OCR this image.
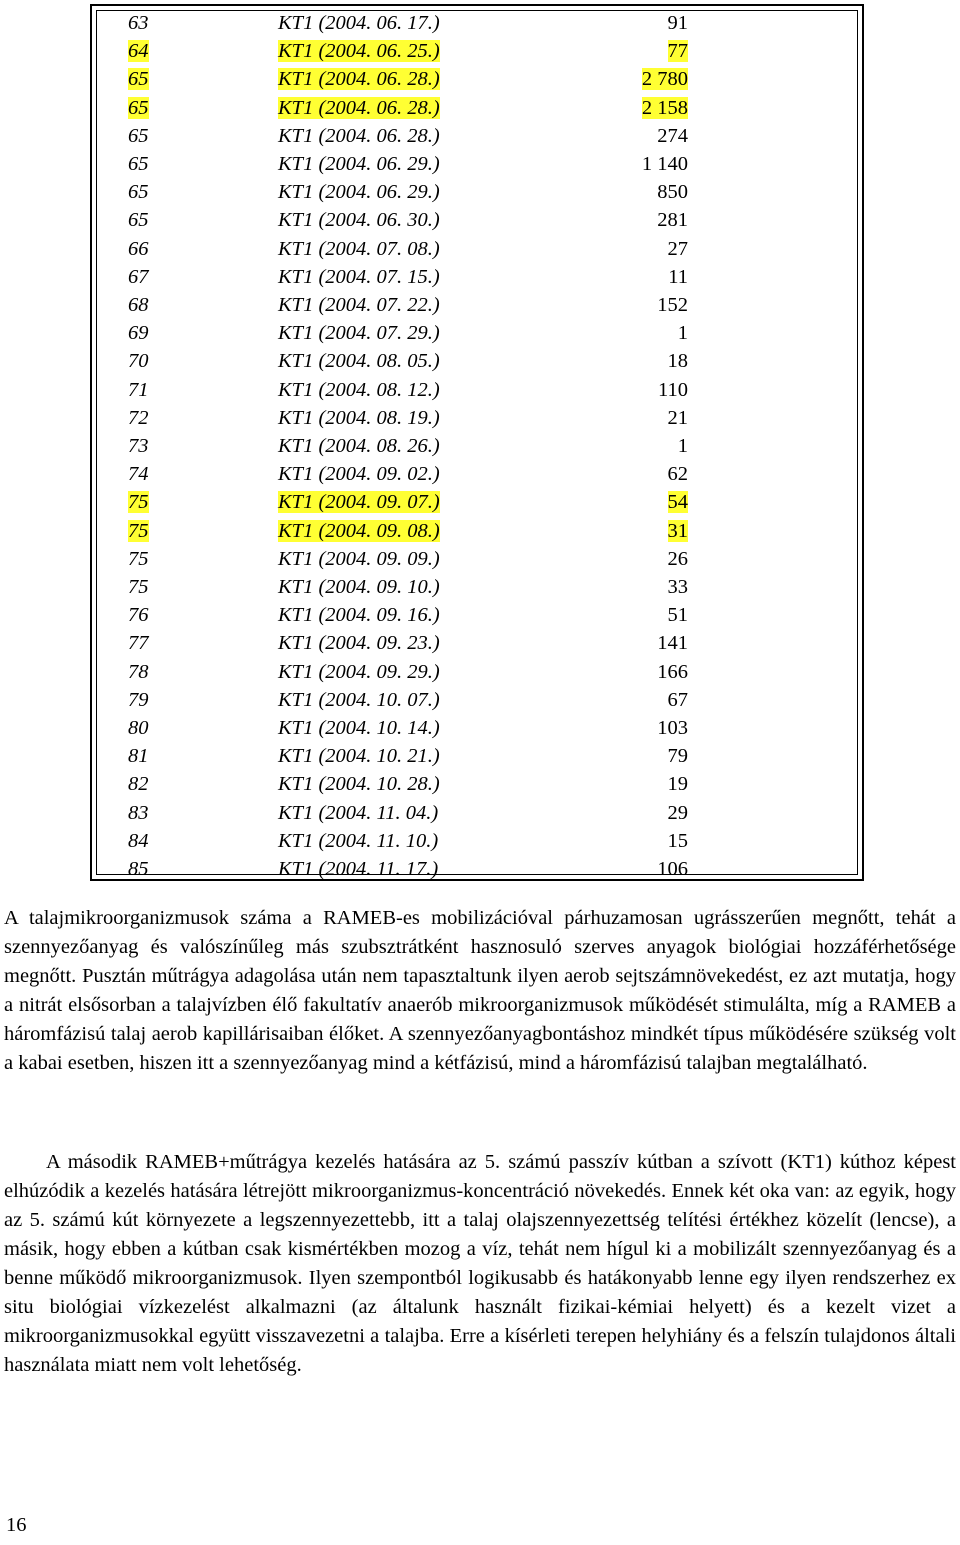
63	KT1 (2004. 06. 17.)	91
64	KT1 (2004. 06. 25.)	77
65	KT1 (2004. 06. 28.)	2 780
65	KT1 (2004. 06. 28.)	2 158
65	KT1 (2004. 06. 28.)	274
65	KT1 (2004. 06. 29.)	1 140
65	KT1 (2004. 06. 29.)	850
65	KT1 (2004. 06. 30.)	281
66	KT1 (2004. 07. 08.)	27
67	KT1 (2004. 07. 15.)	11
68	KT1 (2004. 07. 22.)	152
69	KT1 (2004. 07. 29.)	1
70	KT1 (2004. 08. 05.)	18
71	KT1 (2004. 08. 12.)	110
72	KT1 (2004. 08. 19.)	21
73	KT1 (2004. 08. 26.)	1
74	KT1 (2004. 09. 02.)	62
75	KT1 (2004. 09. 07.)	54
75	KT1 (2004. 09. 08.)	31
75	KT1 (2004. 09. 09.)	26
75	KT1 (2004. 09. 10.)	33
76	KT1 (2004. 09. 16.)	51
77	KT1 (2004. 09. 23.)	141
78	KT1 (2004. 09. 29.)	166
79	KT1 (2004. 10. 07.)	67
80	KT1 (2004. 10. 14.)	103
81	KT1 (2004. 10. 21.)	79
82	KT1 (2004. 10. 28.)	19
83	KT1 (2004. 11. 04.)	29
84	KT1 (2004. 11. 10.)	15
85	KT1 (2004. 11. 17.)	106

A talajmikroorganizmusok száma a RAMEB-es mobilizációval párhuzamosan ugrásszerűen megnőtt, tehát a szennyezőanyag és valószínűleg más szubsztrátként hasznosuló szerves anyagok biológiai hozzáférhetősége megnőtt. Pusztán műtrágya adagolása után nem tapasztaltunk ilyen aerob sejtszámnövekedést, ez azt mutatja, hogy a nitrát elsősorban a talajvízben élő fakultatív anaerób mikroorganizmusok működését stimulálta, míg a RAMEB a háromfázisú talaj aerob kapillárisaiban élőket. A szennyezőanyagbontáshoz mindkét típus működésére szükség volt a kabai esetben, hiszen itt a szennyezőanyag mind a kétfázisú, mind a háromfázisú talajban megtalálható.

A második RAMEB+műtrágya kezelés hatására az 5. számú passzív kútban a szívott (KT1) kúthoz képest elhúzódik a kezelés hatására létrejött mikroorganizmus-koncentráció növekedés. Ennek két oka van: az egyik, hogy az 5. számú kút környezete a legszennyezettebb, itt a talaj olajszennyezettség telítési értékhez közelít (lencse), a másik, hogy ebben a kútban csak kismértékben mozog a víz, tehát nem hígul ki a mobilizált szennyezőanyag és a benne működő mikroorganizmusok. Ilyen szempontból logikusabb és hatákonyabb lenne egy ilyen rendszerhez ex situ biológiai vízkezelést alkalmazni (az általunk használt fizikai-kémiai helyett) és a kezelt vizet a mikroorganizmusokkal együtt visszavezetni a talajba. Erre a kísérleti terepen helyhiány és a felszín tulajdonos általi használata miatt nem volt lehetőség.

16
